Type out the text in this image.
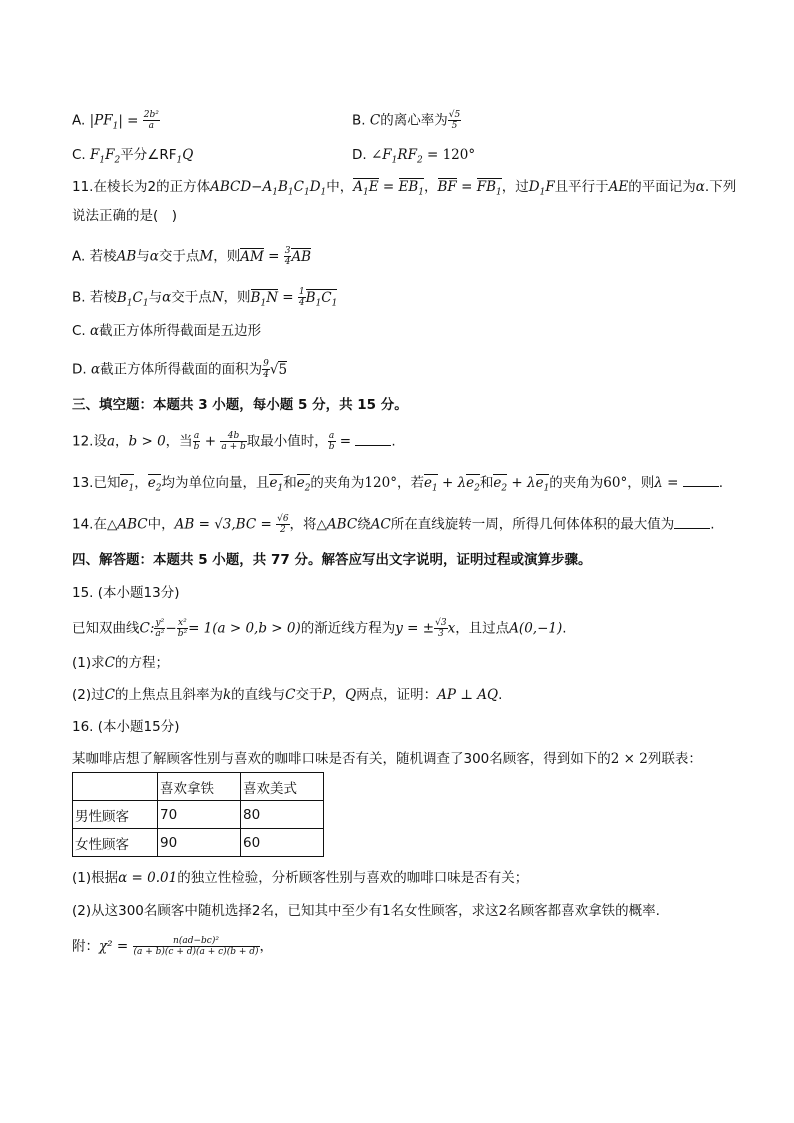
A. $|PF_1| = \frac{\text{2b²}}{a}$	B. C的离心率为 $\frac{√5}{5}$
C. $F_1F_2$平分$\angle RF_1Q$	D. $\angle F_1RF_2 = 120^\circ$
11.在棱长为2的正方体$ABCD-A_1B_1C_1D_1$中，$A_1E = EB_1$，BF = $FB_1$，过$D_1F$且平行于AE的平面记为α.下列
说法正确的是(　)
A. 若棱AB与α交于点M，则AM = $\frac{3}{4}$ AB
B. 若棱$B_1C_1$与α交于点N，则$B_1N = \frac{1}{4} B_1C_1$
C. α截正方体所得截面是五边形
D. α截正方体所得截面的面积为 $\frac{9}{4} √5$
三、填空题：本题共 3 小题，每小题 5 分，共 15 分。
12.设a，b > 0，当 $\frac{a}{b} + \frac{4b}{a + b}$ 取最小值时， $\frac{a}{b}$ =	.
13.已知$e_1$，$e_2$均为单位向量，且$e_1$和$e_2$的夹角为120°，若$e_1 + \lambda e_2$和$e_2 + \lambda e_1$的夹角为60°，则λ =	.
14.在△ABC中，AB = $√3,BC = \frac{√6}{2}$ ，将△ABC绕AC所在直线旋转一周，所得几何体体积的最大值为	.
四、解答题：本题共 5 小题，共 77 分。解答应写出文字说明，证明过程或演算步骤。
15. (本小题13分)
已知双曲线C: $\frac{\text{y²}}{\text{a²}} - \frac{\text{x²}}{\text{b²}} = 1(a > 0,b > 0)$的渐近线方程为y = ± $\frac{√3}{3}$ x，且过点A(0,−1).
(1)求C的方程；
(2)过C的上焦点且斜率为k的直线与C交于P，Q两点，证明：AP ⊥ AQ.
16. (本小题15分)
某咖啡店想了解顾客性别与喜欢的咖啡口味是否有关，随机调查了300名顾客，得到如下的2 × 2列联表：
	喜欢拿铁	喜欢美式
男性顾客	70	80
女性顾客	90	60
(1)根据α = 0.01的独立性检验，分析顾客性别与喜欢的咖啡口味是否有关；
(2)从这300名顾客中随机选择2名，已知其中至少有1名女性顾客，求这2名顾客都喜欢拿铁的概率.
附：$\chi^2 = \frac{\text{n(ad−bc)²}}{(a + b)(c + d)(a + c)(b + d)}$ ，
